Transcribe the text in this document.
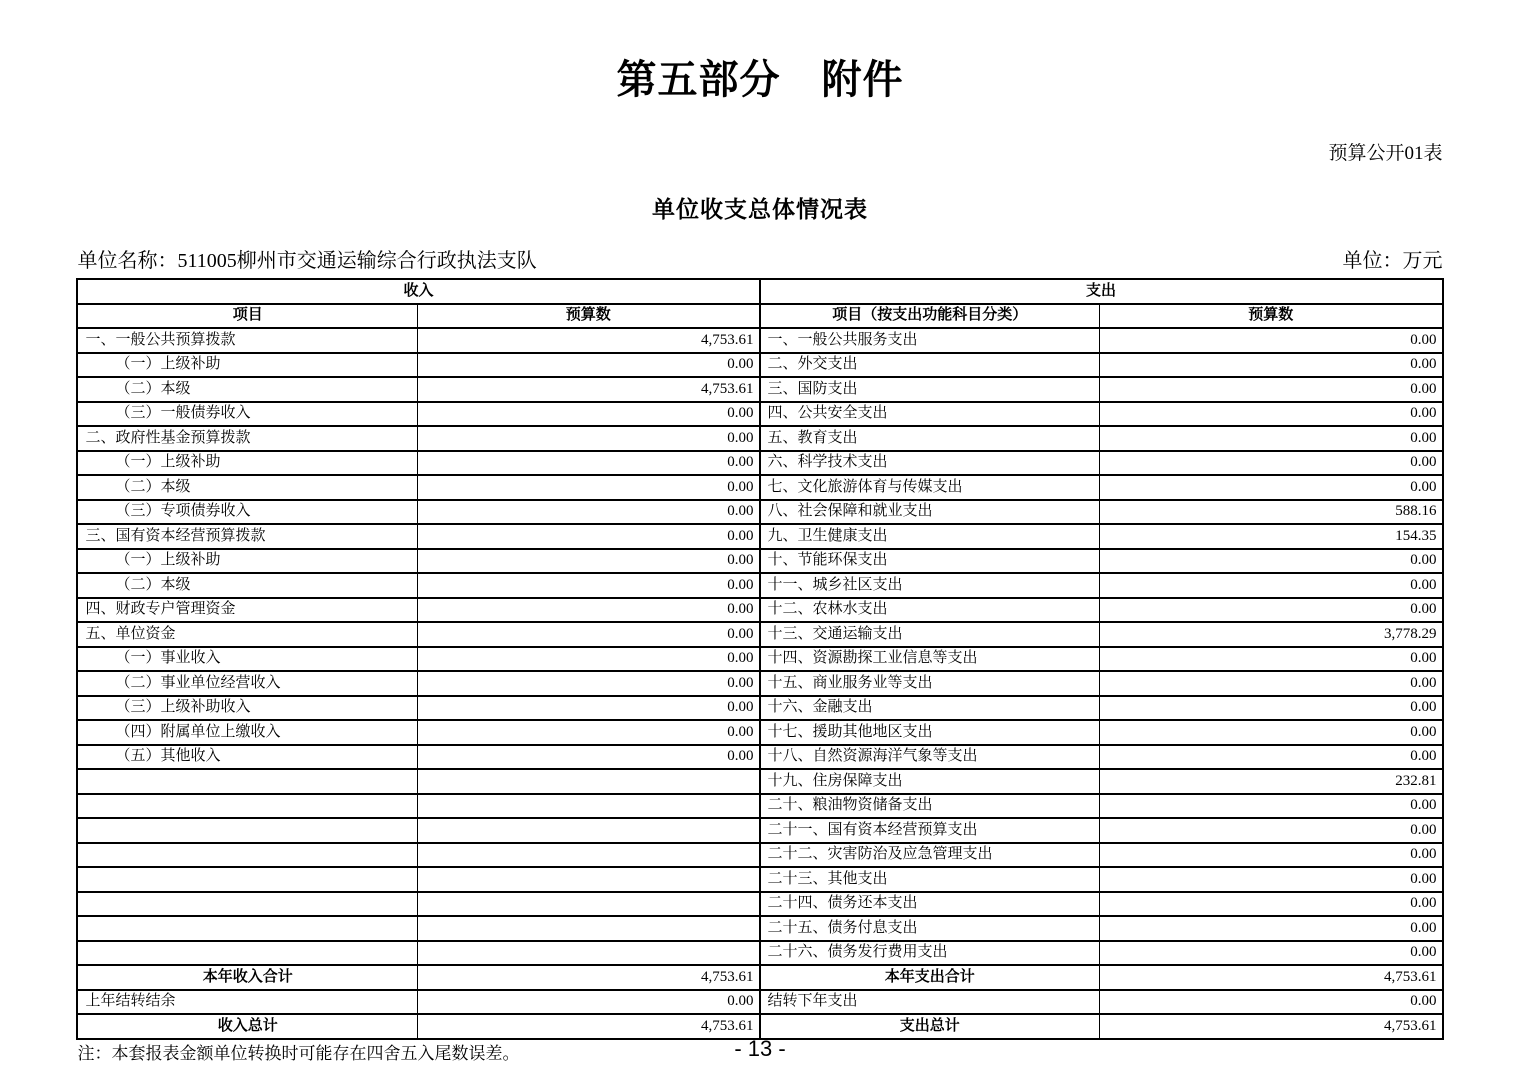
第五部分　附件
预算公开01表
单位收支总体情况表
单位名称：511005柳州市交通运输综合行政执法支队	单位：万元
收入		支出	
项目	预算数	项目（按支出功能科目分类）	预算数
一、一般公共预算拨款	4,753.61	一、一般公共服务支出	0.00
（一）上级补助	0.00	二、外交支出	0.00
（二）本级	4,753.61	三、国防支出	0.00
（三）一般债券收入	0.00	四、公共安全支出	0.00
二、政府性基金预算拨款	0.00	五、教育支出	0.00
（一）上级补助	0.00	六、科学技术支出	0.00
（二）本级	0.00	七、文化旅游体育与传媒支出	0.00
（三）专项债券收入	0.00	八、社会保障和就业支出	588.16
三、国有资本经营预算拨款	0.00	九、卫生健康支出	154.35
（一）上级补助	0.00	十、节能环保支出	0.00
（二）本级	0.00	十一、城乡社区支出	0.00
四、财政专户管理资金	0.00	十二、农林水支出	0.00
五、单位资金	0.00	十三、交通运输支出	3,778.29
（一）事业收入	0.00	十四、资源勘探工业信息等支出	0.00
（二）事业单位经营收入	0.00	十五、商业服务业等支出	0.00
（三）上级补助收入	0.00	十六、金融支出	0.00
（四）附属单位上缴收入	0.00	十七、援助其他地区支出	0.00
（五）其他收入	0.00	十八、自然资源海洋气象等支出	0.00
		十九、住房保障支出	232.81
		二十、粮油物资储备支出	0.00
		二十一、国有资本经营预算支出	0.00
		二十二、灾害防治及应急管理支出	0.00
		二十三、其他支出	0.00
		二十四、债务还本支出	0.00
		二十五、债务付息支出	0.00
		二十六、债务发行费用支出	0.00
本年收入合计	4,753.61	本年支出合计	4,753.61
上年结转结余	0.00	结转下年支出	0.00
收入总计	4,753.61	支出总计	4,753.61
注：本套报表金额单位转换时可能存在四舍五入尾数误差。	- 13 -
